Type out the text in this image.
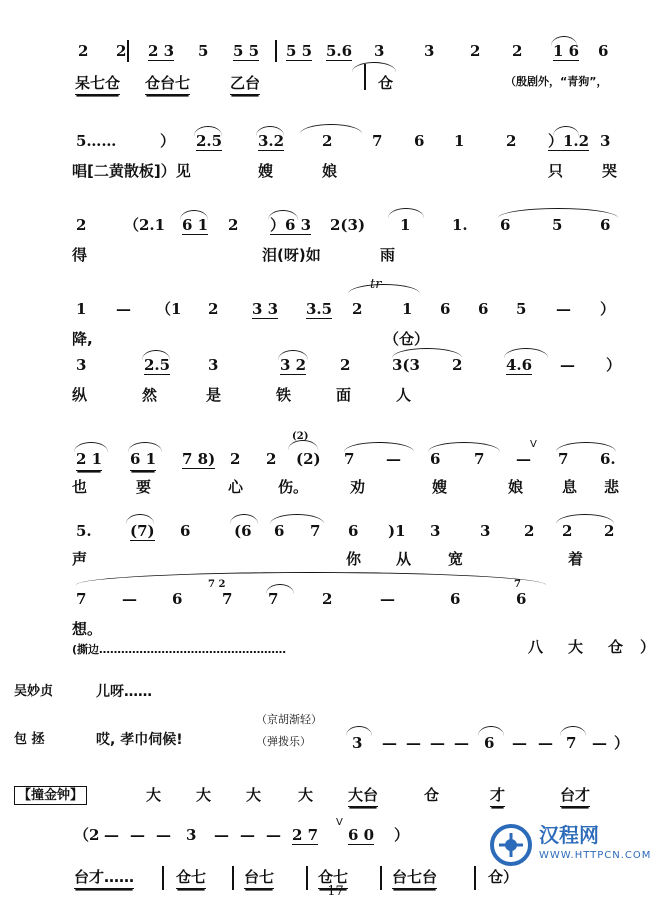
2 2 2 3 5 5 5 5 5 5.6 3	3 2 2 1 6 6
呆七仓 仓台七	乙台	仓	（殷剧外，“青狗”，
5……	） 2.5 3.2	2	7 6 1	2 ）1.2 3
唱[二黄散板]）见	嫂	娘	只	哭
2	（2.1 6 1 2 ）6 3 2(3) 1	1. 6	5	6
得	泪(呀)如	雨
tr
1 — （1 2 3 3 3.5 2	1 6 6 5 — ）
降,	（仓）
3	2.5	3	3 2 2	3(3 2	4.6 — ）
纵	然	是	铁	面	人
2 1 6 1 7 8) 2 2
(2)
(2) 7 — 6 7 — 7 6.
V
也	要	心 伤。	劝	嫂	娘	息 悲
5.	(7) 6	(6 6 7 6 )1 3	3 2 2 2
声	你 从 宽	着
7 — 6
7 2
7 7	2	—	6
7
6
想。
(撕边……………………………………………	八 大 仓 ）
吴妙贞	儿呀……
包 拯	哎, 孝巾伺候!
（京胡渐轻）
（弹拨乐）	3 — — — — 6 — — 7 — ）
【撞金钟】	大 大 大 大 大台	仓	才	台才
（2 — — — 3 — — — 2 7 6 0 ）
V
台才……	仓七	台七	仓七	台七台	仓）
汉程网
WWW.HTTPCN.COM
17
